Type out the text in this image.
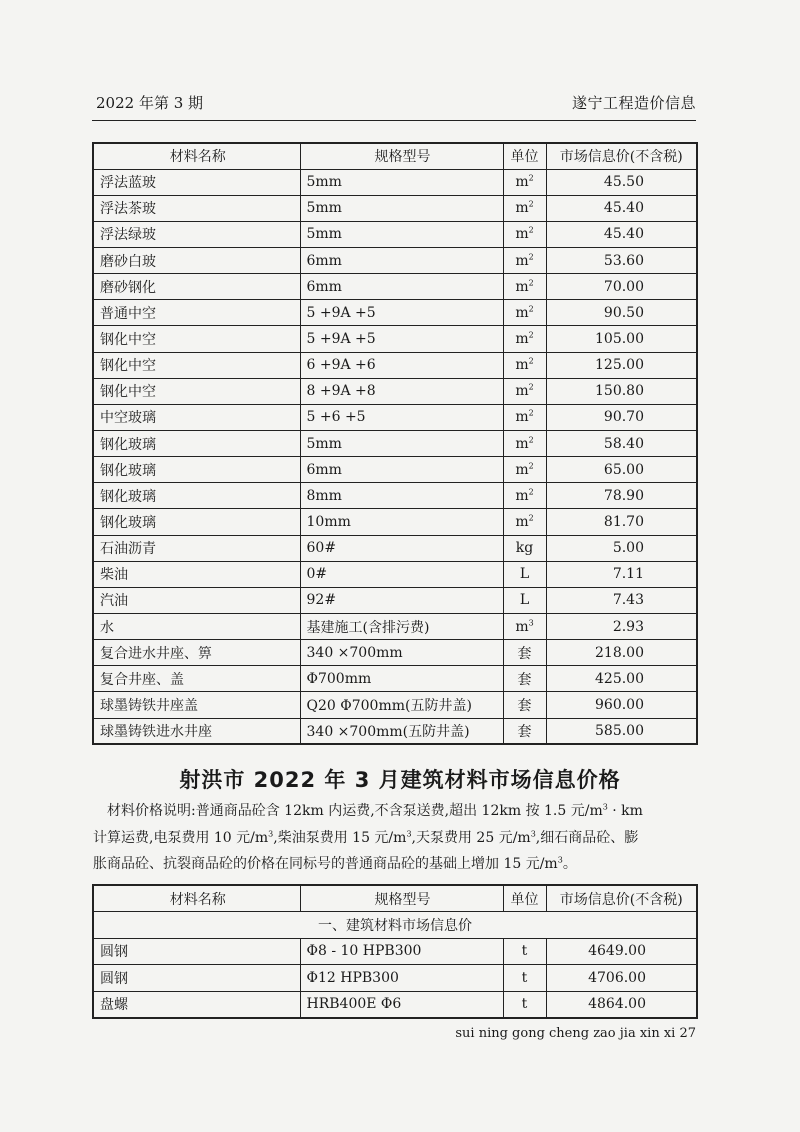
2022 年第 3 期	遂宁工程造价信息
材料名称	规格型号	单位	市场信息价(不含税)
浮法蓝玻	5mm	$m^2$	45.50
浮法茶玻	5mm	$m^2$	45.40
浮法绿玻	5mm	$m^2$	45.40
磨砂白玻	6mm	$m^2$	53.60
磨砂钢化	6mm	$m^2$	70.00
普通中空	5 +9A +5	$m^2$	90.50
钢化中空	5 +9A +5	$m^2$	105.00
钢化中空	6 +9A +6	$m^2$	125.00
钢化中空	8 +9A +8	$m^2$	150.80
中空玻璃	5 +6 +5	$m^2$	90.70
钢化玻璃	5mm	$m^2$	58.40
钢化玻璃	6mm	$m^2$	65.00
钢化玻璃	8mm	$m^2$	78.90
钢化玻璃	10mm	$m^2$	81.70
石油沥青	60#	kg	5.00
柴油	0#	L	7.11
汽油	92#	L	7.43
水	基建施工(含排污费)	$m^3$	2.93
复合进水井座、箅	340 ×700mm	套	218.00
复合井座、盖	Φ700mm	套	425.00
球墨铸铁井座盖	Q20 Φ700mm(五防井盖)	套	960.00
球墨铸铁进水井座	340 ×700mm(五防井盖)	套	585.00
射洪市 2022 年 3 月建筑材料市场信息价格
材料价格说明:普通商品砼含 12km 内运费,不含泵送费,超出 12km 按 1.5 元$/m^3$ · km
计算运费,电泵费用 10 元$/m^3$,柴油泵费用 15 元$/m^3$,天泵费用 25 元$/m^3$,细石商品砼、膨
胀商品砼、抗裂商品砼的价格在同标号的普通商品砼的基础上增加 15 元$/m^3$。
材料名称	规格型号	单位	市场信息价(不含税)
一、建筑材料市场信息价			
圆钢	Φ8 - 10 HPB300	t	4649.00
圆钢	Φ12 HPB300	t	4706.00
盘螺	HRB400E Φ6	t	4864.00
sui ning gong cheng zao jia xin xi 27
